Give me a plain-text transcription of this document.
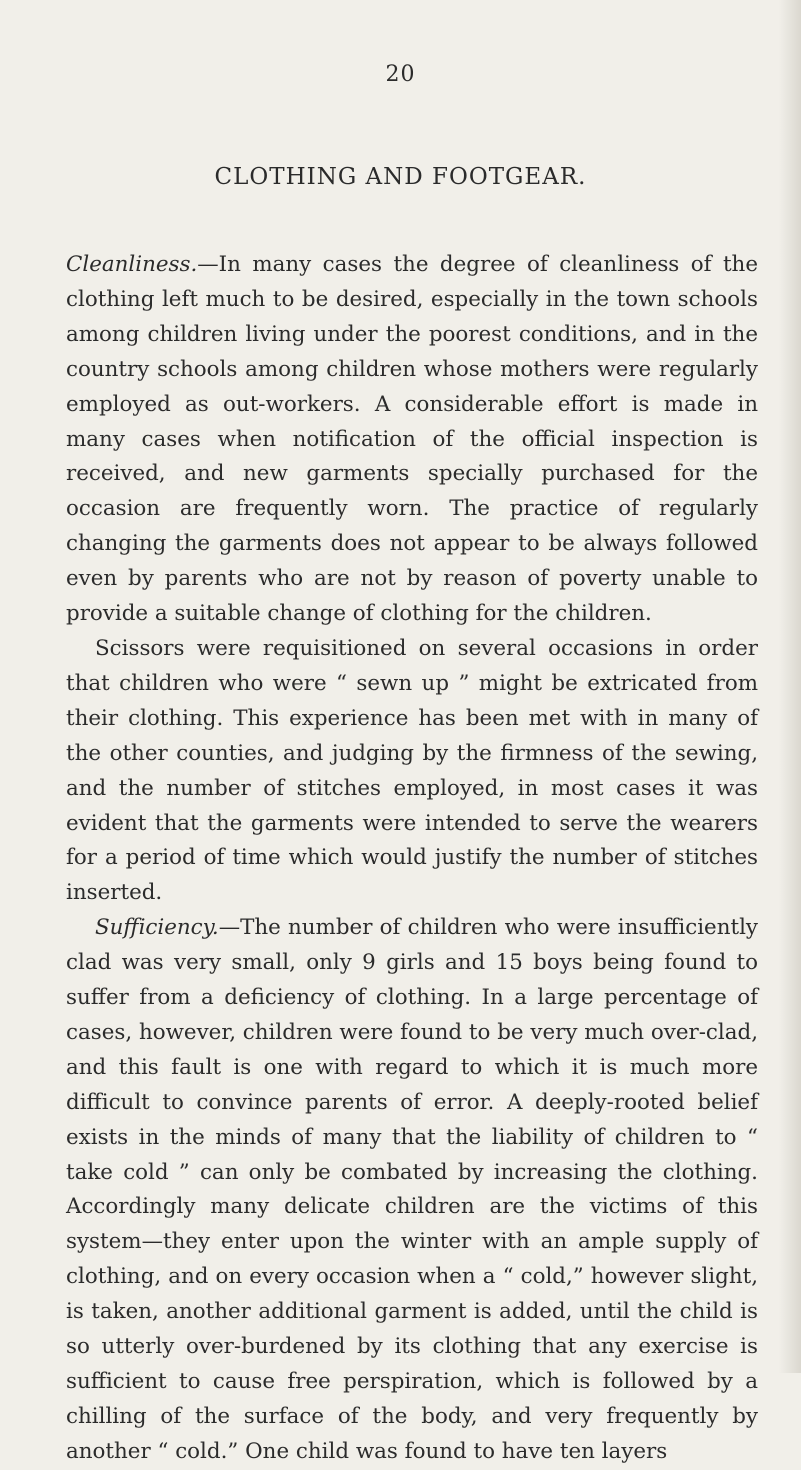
20
CLOTHING AND FOOTGEAR.

Cleanliness.—In many cases the degree of cleanliness of the clothing left much to be desired, especially in the town schools among children living under the poorest conditions, and in the country schools among children whose mothers were regularly employed as out-workers. A considerable effort is made in many cases when notification of the official inspection is received, and new garments specially purchased for the occasion are frequently worn. The practice of regularly changing the garments does not appear to be always followed even by parents who are not by reason of poverty unable to provide a suitable change of clothing for the children.

Scissors were requisitioned on several occasions in order that children who were “ sewn up ” might be extricated from their clothing. This experience has been met with in many of the other counties, and judging by the firmness of the sewing, and the number of stitches employed, in most cases it was evident that the garments were intended to serve the wearers for a period of time which would justify the number of stitches inserted.

Sufficiency.—The number of children who were insufficiently clad was very small, only 9 girls and 15 boys being found to suffer from a deficiency of clothing. In a large percentage of cases, however, children were found to be very much over-clad, and this fault is one with regard to which it is much more difficult to convince parents of error. A deeply-rooted belief exists in the minds of many that the liability of children to “ take cold ” can only be combated by increasing the clothing. Accordingly many delicate children are the victims of this system—they enter upon the winter with an ample supply of clothing, and on every occasion when a “ cold,” however slight, is taken, another additional garment is added, until the child is so utterly over-burdened by its clothing that any exercise is sufficient to cause free perspiration, which is followed by a chilling of the surface of the body, and very frequently by another “ cold.” One child was found to have ten layers
